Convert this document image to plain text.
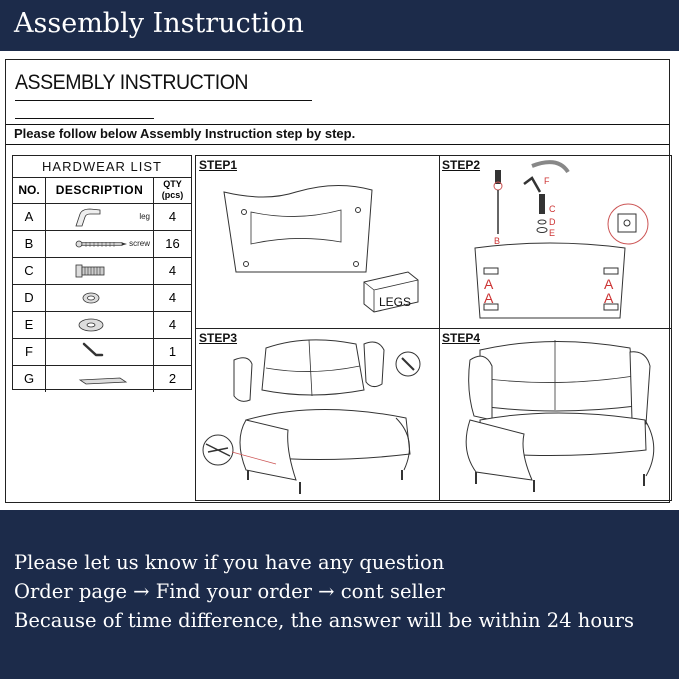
Assembly Instruction
ASSEMBLY INSTRUCTION
Please follow below Assembly Instruction step by step.
HARDWEAR LIST
NO.	DESCRIPTION	QTY (pcs)
A	leg	4
B	screw	16
C	4
D	4
E	4
F	1
G	2
STEP1
LEGS
STEP2
F
B
C
D
E
A
A
A
A
STEP3	STEP4
Please let us know if you have any question
Order page → Find your order → cont seller
Because of time difference, the answer will be within 24 hours
